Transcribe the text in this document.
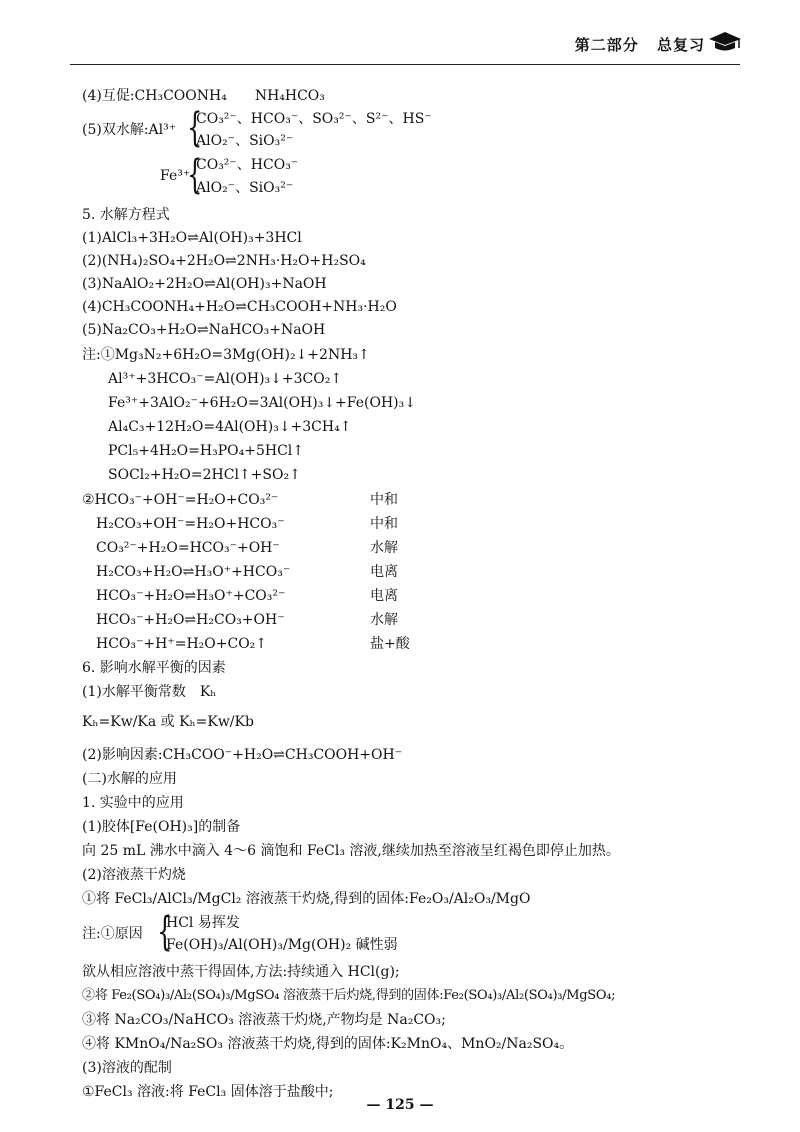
第二部分 总复习
(4)互促:CH₃COONH₄　　NH₄HCO₃
(5)双水解:Al³⁺ {
CO₃²⁻、HCO₃⁻、SO₃²⁻、S²⁻、HS⁻
AlO₂⁻、SiO₃²⁻
Fe³⁺
{
CO₃²⁻、HCO₃⁻
AlO₂⁻、SiO₃²⁻
5. 水解方程式
(1)AlCl₃+3H₂O⇌Al(OH)₃+3HCl
(2)(NH₄)₂SO₄+2H₂O⇌2NH₃·H₂O+H₂SO₄
(3)NaAlO₂+2H₂O⇌Al(OH)₃+NaOH
(4)CH₃COONH₄+H₂O⇌CH₃COOH+NH₃·H₂O
(5)Na₂CO₃+H₂O⇌NaHCO₃+NaOH
注:①Mg₃N₂+6H₂O=3Mg(OH)₂↓+2NH₃↑
Al³⁺+3HCO₃⁻=Al(OH)₃↓+3CO₂↑
Fe³⁺+3AlO₂⁻+6H₂O=3Al(OH)₃↓+Fe(OH)₃↓
Al₄C₃+12H₂O=4Al(OH)₃↓+3CH₄↑
PCl₅+4H₂O=H₃PO₄+5HCl↑
SOCl₂+H₂O=2HCl↑+SO₂↑
②HCO₃⁻+OH⁻=H₂O+CO₃²⁻	中和
H₂CO₃+OH⁻=H₂O+HCO₃⁻	中和
CO₃²⁻+H₂O=HCO₃⁻+OH⁻	水解
H₂CO₃+H₂O⇌H₃O⁺+HCO₃⁻	电离
HCO₃⁻+H₂O⇌H₃O⁺+CO₃²⁻	电离
HCO₃⁻+H₂O⇌H₂CO₃+OH⁻	水解
HCO₃⁻+H⁺=H₂O+CO₂↑	盐+酸
6. 影响水解平衡的因素
(1)水解平衡常数　Kₕ
Kₕ=Kw/Ka 或 Kₕ=Kw/Kb
(2)影响因素:CH₃COO⁻+H₂O⇌CH₃COOH+OH⁻
(二)水解的应用
1. 实验中的应用
(1)胶体[Fe(OH)₃]的制备
向 25 mL 沸水中滴入 4～6 滴饱和 FeCl₃ 溶液,继续加热至溶液呈红褐色即停止加热。
(2)溶液蒸干灼烧
①将 FeCl₃/AlCl₃/MgCl₂ 溶液蒸干灼烧,得到的固体:Fe₂O₃/Al₂O₃/MgO
注:①原因 {
HCl 易挥发
Fe(OH)₃/Al(OH)₃/Mg(OH)₂ 碱性弱
欲从相应溶液中蒸干得固体,方法:持续通入 HCl(g);
②将 Fe₂(SO₄)₃/Al₂(SO₄)₃/MgSO₄ 溶液蒸干后灼烧,得到的固体:Fe₂(SO₄)₃/Al₂(SO₄)₃/MgSO₄;
③将 Na₂CO₃/NaHCO₃ 溶液蒸干灼烧,产物均是 Na₂CO₃;
④将 KMnO₄/Na₂SO₃ 溶液蒸干灼烧,得到的固体:K₂MnO₄、MnO₂/Na₂SO₄。
(3)溶液的配制
①FeCl₃ 溶液:将 FeCl₃ 固体溶于盐酸中;
— 125 —
